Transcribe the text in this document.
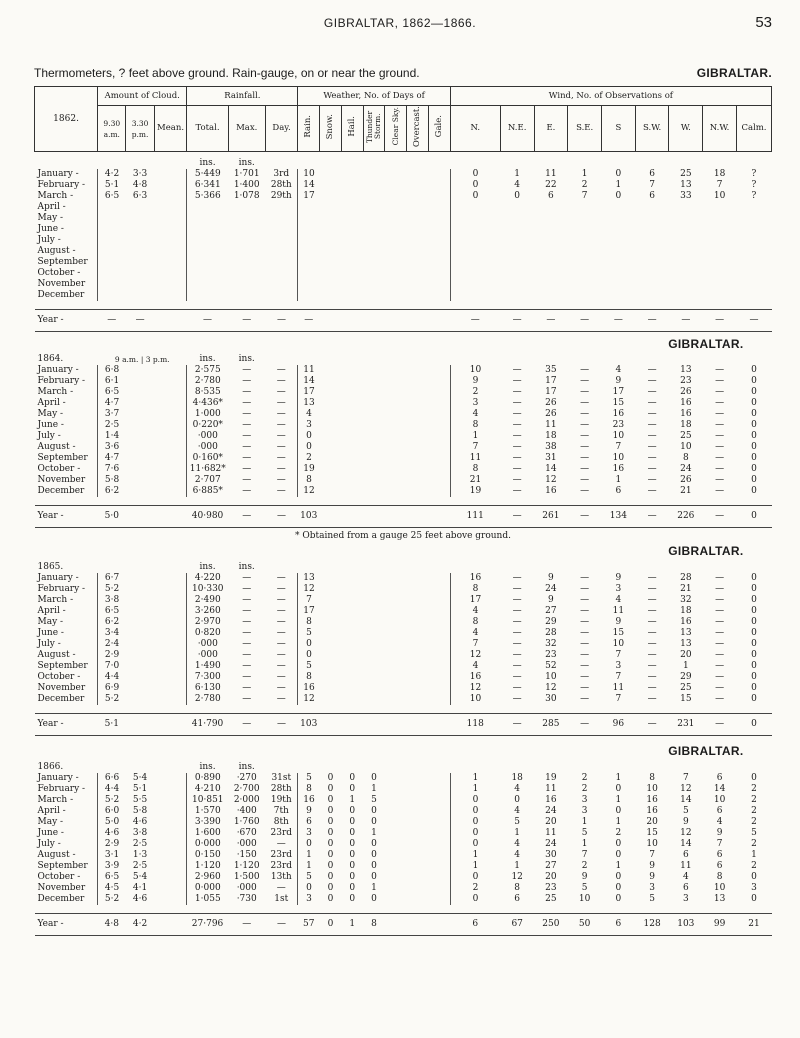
GIBRALTAR, 1862—1866.	53
Thermometers, ? feet above ground. Rain-gauge, on or near the ground.	GIBRALTAR.
1862.	Amount of Cloud.			Rainfall.			Weather, No. of Days of							Wind, No. of Observations of								
	9.30 a.m.	3.30 p.m.	Mean.	Total.	Max.	Day.	Rain.	Snow.	Hail.	Thunder Storm.	Clear Sky.	Overcast.	Gale.	N.	N.E.	E.	S.E.	S	S.W.	W.	N.W.	Calm.

				ins.	ins.																	
January -	4·2	3·3		5·449	1·701	3rd	10							0	1	11	1	0	6	25	18	?
February -	5·1	4·8		6·341	1·400	28th	14							0	4	22	2	1	7	13	7	?
March -	6·5	6·3		5·366	1·078	29th	17							0	0	6	7	0	6	33	10	?
April -																						
May -																						
June -																						
July -																						
August -																						
September																						
October -																						
November																						
December																						

Year -	—	—		—	—	—	—							—	—	—	—	—	—	—	—	—

GIBRALTAR.																						

1864.	9 a.m. | 3 p.m.			ins.	ins.																	
January -	6·8			2·575	—	—	11							10	—	35	—	4	—	13	—	0
February -	6·1			2·780	—	—	14							9	—	17	—	9	—	23	—	0
March -	6·5			8·535	—	—	17							2	—	17	—	17	—	26	—	0
April -	4·7			4·436*	—	—	13							3	—	26	—	15	—	16	—	0
May -	3·7			1·000	—	—	4							4	—	26	—	16	—	16	—	0
June -	2·5			0·220*	—	—	3							8	—	11	—	23	—	18	—	0
July -	1·4			·000	—	—	0							1	—	18	—	10	—	25	—	0
August -	3·6			·000	—	—	0							7	—	38	—	7	—	10	—	0
September	4·7			0·160*	—	—	2							11	—	31	—	10	—	8	—	0
October -	7·6			11·682*	—	—	19							8	—	14	—	16	—	24	—	0
November	5·8			2·707	—	—	8							21	—	12	—	1	—	26	—	0
December	6·2			6·885*	—	—	12							19	—	16	—	6	—	21	—	0

Year -	5·0			40·980	—	—	103							111	—	261	—	134	—	226	—	0
* Obtained from a gauge 25 feet above ground.																						

GIBRALTAR.																						

1865.				ins.	ins.																	
January -	6·7			4·220	—	—	13							16	—	9	—	9	—	28	—	0
February -	5·2			10·330	—	—	12							8	—	24	—	3	—	21	—	0
March -	3·8			2·490	—	—	7							17	—	9	—	4	—	32	—	0
April -	6·5			3·260	—	—	17							4	—	27	—	11	—	18	—	0
May -	6·2			2·970	—	—	8							8	—	29	—	9	—	16	—	0
June -	3·4			0·820	—	—	5							4	—	28	—	15	—	13	—	0
July -	2·4			·000	—	—	0							7	—	32	—	10	—	13	—	0
August -	2·9			·000	—	—	0							12	—	23	—	7	—	20	—	0
September	7·0			1·490	—	—	5							4	—	52	—	3	—	1	—	0
October -	4·4			7·300	—	—	8							16	—	10	—	7	—	29	—	0
November	6·9			6·130	—	—	16							12	—	12	—	11	—	25	—	0
December	5·2			2·780	—	—	12							10	—	30	—	7	—	15	—	0

Year -	5·1			41·790	—	—	103							118	—	285	—	96	—	231	—	0

GIBRALTAR.																						

1866.				ins.	ins.																	
January -	6·6	5·4		0·890	·270	31st	5	0	0	0				1	18	19	2	1	8	7	6	0
February -	4·4	5·1		4·210	2·700	28th	8	0	0	1				1	4	11	2	0	10	12	14	2
March -	5·2	5·5		10·851	2·000	19th	16	0	1	5				0	0	16	3	1	16	14	10	2
April -	6·0	5·8		1·570	·400	7th	9	0	0	0				0	4	24	3	0	16	5	6	2
May -	5·0	4·6		3·390	1·760	8th	6	0	0	0				0	5	20	1	1	20	9	4	2
June -	4·6	3·8		1·600	·670	23rd	3	0	0	1				0	1	11	5	2	15	12	9	5
July -	2·9	2·5		0·000	·000	—	0	0	0	0				0	4	24	1	0	10	14	7	2
August -	3·1	1·3		0·150	·150	23rd	1	0	0	0				1	4	30	7	0	7	6	6	1
September	3·9	2·5		1·120	1·120	23rd	1	0	0	0				1	1	27	2	1	9	11	6	2
October -	6·5	5·4		2·960	1·500	13th	5	0	0	0				0	12	20	9	0	9	4	8	0
November	4·5	4·1		0·000	·000	—	0	0	0	1				2	8	23	5	0	3	6	10	3
December	5·2	4·6		1·055	·730	1st	3	0	0	0				0	6	25	10	0	5	3	13	0

Year -	4·8	4·2		27·796	—	—	57	0	1	8				6	67	250	50	6	128	103	99	21
